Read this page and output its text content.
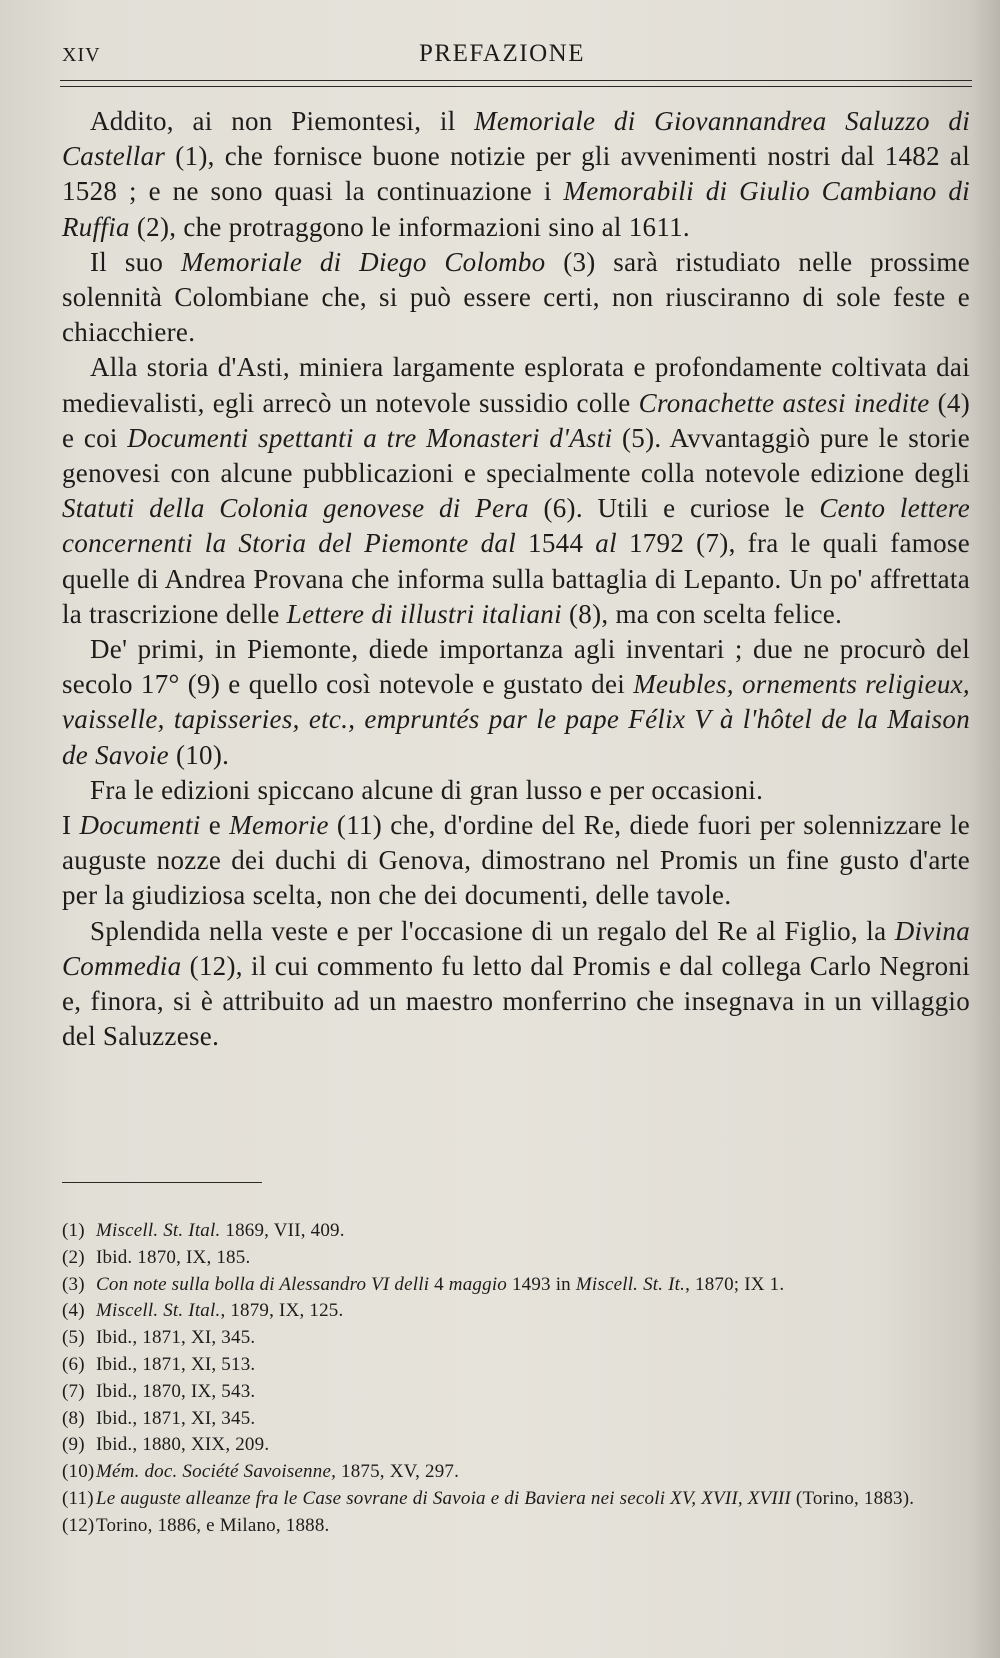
XIV	PREFAZIONE

Addito, ai non Piemontesi, il Memoriale di Giovannandrea Saluzzo di Castellar (1), che fornisce buone notizie per gli avvenimenti nostri dal 1482 al 1528 ; e ne sono quasi la continuazione i Memorabili di Giulio Cambiano di Ruffia (2), che protraggono le informazioni sino al 1611.

Il suo Memoriale di Diego Colombo (3) sarà ristudiato nelle prossime solennità Colombiane che, si può essere certi, non riusciranno di sole feste e chiacchiere.

Alla storia d'Asti, miniera largamente esplorata e profondamente coltivata dai medievalisti, egli arrecò un notevole sussidio colle Cronachette astesi inedite (4) e coi Documenti spettanti a tre Monasteri d'Asti (5). Avvantaggiò pure le storie genovesi con alcune pubblicazioni e specialmente colla notevole edizione degli Statuti della Colonia genovese di Pera (6). Utili e curiose le Cento lettere concernenti la Storia del Piemonte dal 1544 al 1792 (7), fra le quali famose quelle di Andrea Provana che informa sulla battaglia di Lepanto. Un po' affrettata la trascrizione delle Lettere di illustri italiani (8), ma con scelta felice.

De' primi, in Piemonte, diede importanza agli inventari ; due ne procurò del secolo 17° (9) e quello così notevole e gustato dei Meubles, ornements religieux, vaisselle, tapisseries, etc., empruntés par le pape Félix V à l'hôtel de la Maison de Savoie (10).

Fra le edizioni spiccano alcune di gran lusso e per occasioni.

I Documenti e Memorie (11) che, d'ordine del Re, diede fuori per solennizzare le auguste nozze dei duchi di Genova, dimostrano nel Promis un fine gusto d'arte per la giudiziosa scelta, non che dei documenti, delle tavole.

Splendida nella veste e per l'occasione di un regalo del Re al Figlio, la Divina Commedia (12), il cui commento fu letto dal Promis e dal collega Carlo Negroni e, finora, si è attribuito ad un maestro monferrino che insegnava in un villaggio del Saluzzese.

(1) Miscell. St. Ital. 1869, VII, 409.

(2) Ibid. 1870, IX, 185.

(3) Con note sulla bolla di Alessandro VI delli 4 maggio 1493 in Miscell. St. It., 1870; IX 1.

(4) Miscell. St. Ital., 1879, IX, 125.

(5) Ibid., 1871, XI, 345.

(6) Ibid., 1871, XI, 513.

(7) Ibid., 1870, IX, 543.

(8) Ibid., 1871, XI, 345.

(9) Ibid., 1880, XIX, 209.

(10)Mém. doc. Société Savoisenne, 1875, XV, 297.

(11) Le auguste alleanze fra le Case sovrane di Savoia e di Baviera nei secoli XV, XVII, XVIII (Torino, 1883).

(12)Torino, 1886, e Milano, 1888.
